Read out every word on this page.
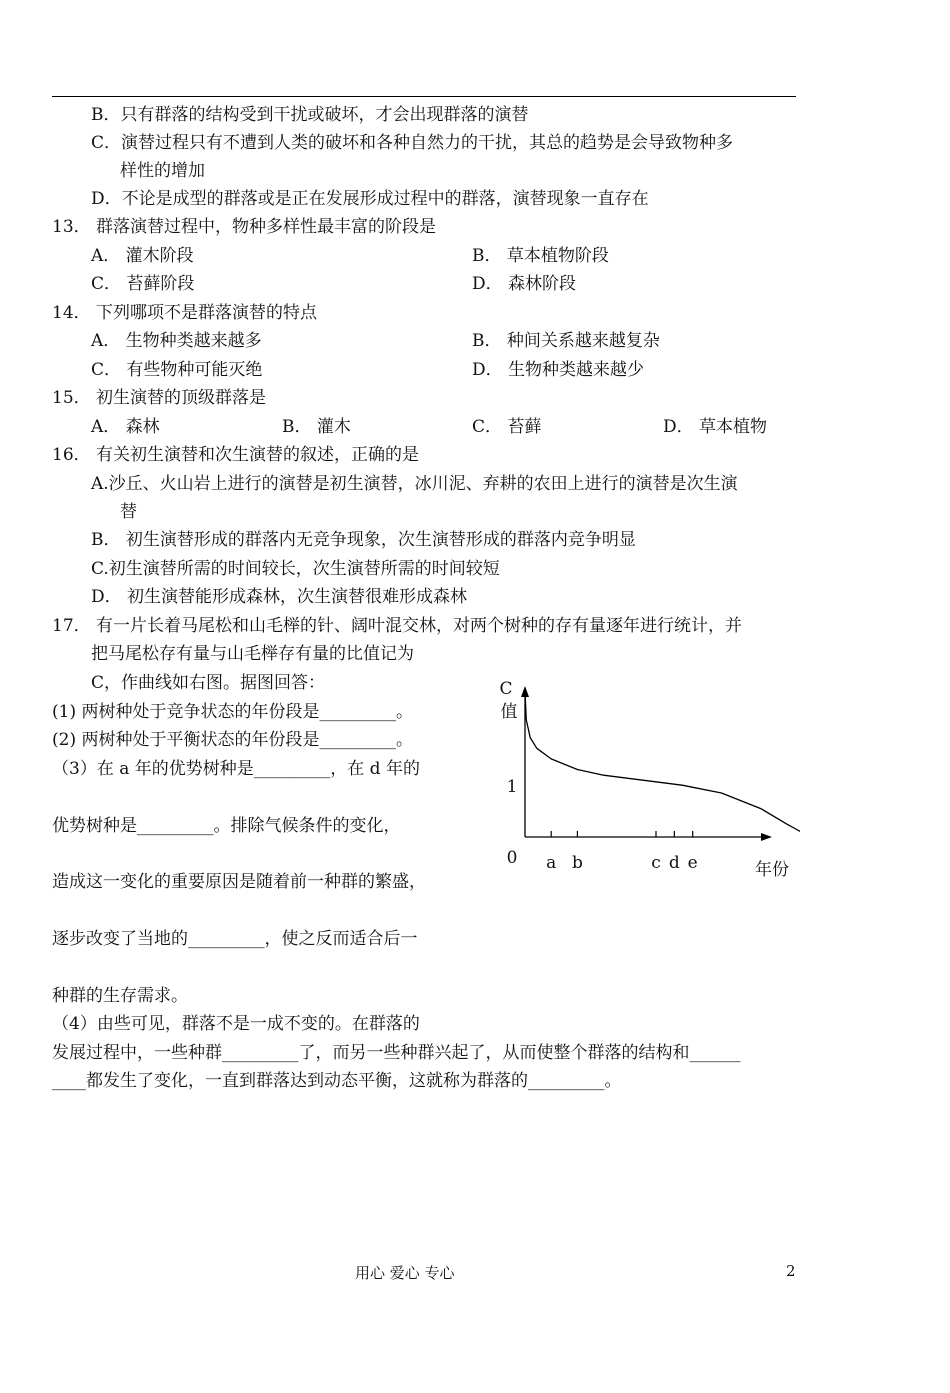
B．只有群落的结构受到干扰或破坏，才会出现群落的演替
C．演替过程只有不遭到人类的破坏和各种自然力的干扰，其总的趋势是会导致物种多
样性的增加
D．不论是成型的群落或是正在发展形成过程中的群落，演替现象一直存在
13． 群落演替过程中，物种多样性最丰富的阶段是
A． 灌木阶段	B． 草本植物阶段
C． 苔藓阶段	D． 森林阶段
14． 下列哪项不是群落演替的特点
A． 生物种类越来越多	B． 种间关系越来越复杂
C． 有些物种可能灭绝	D． 生物种类越来越少
15． 初生演替的顶级群落是
A． 森林	B． 灌木	C． 苔藓	D． 草本植物
16． 有关初生演替和次生演替的叙述，正确的是
A.沙丘、火山岩上进行的演替是初生演替，冰川泥、弃耕的农田上进行的演替是次生演
替
B． 初生演替形成的群落内无竞争现象，次生演替形成的群落内竞争明显
C.初生演替所需的时间较长，次生演替所需的时间较短
D． 初生演替能形成森林，次生演替很难形成森林
17． 有一片长着马尾松和山毛榉的针、阔叶混交林，对两个树种的存有量逐年进行统计，并
把马尾松存有量与山毛榉存有量的比值记为
C，作曲线如右图。据图回答：
(1) 两树种处于竞争状态的年份段是_________。
(2) 两树种处于平衡状态的年份段是_________。
（3）在 a 年的优势树种是_________，在 d 年的
优势树种是_________。排除气候条件的变化，
造成这一变化的重要原因是随着前一种群的繁盛，
逐步改变了当地的_________，使之反而适合后一
种群的生存需求。
（4）由些可见，群落不是一成不变的。在群落的
发展过程中，一些种群_________了，而另一些种群兴起了，从而使整个群落的结构和______
____都发生了变化，一直到群落达到动态平衡，这就称为群落的_________。
C
值
1
0 a b	c d e	年份
用心 爱心 专心	2
